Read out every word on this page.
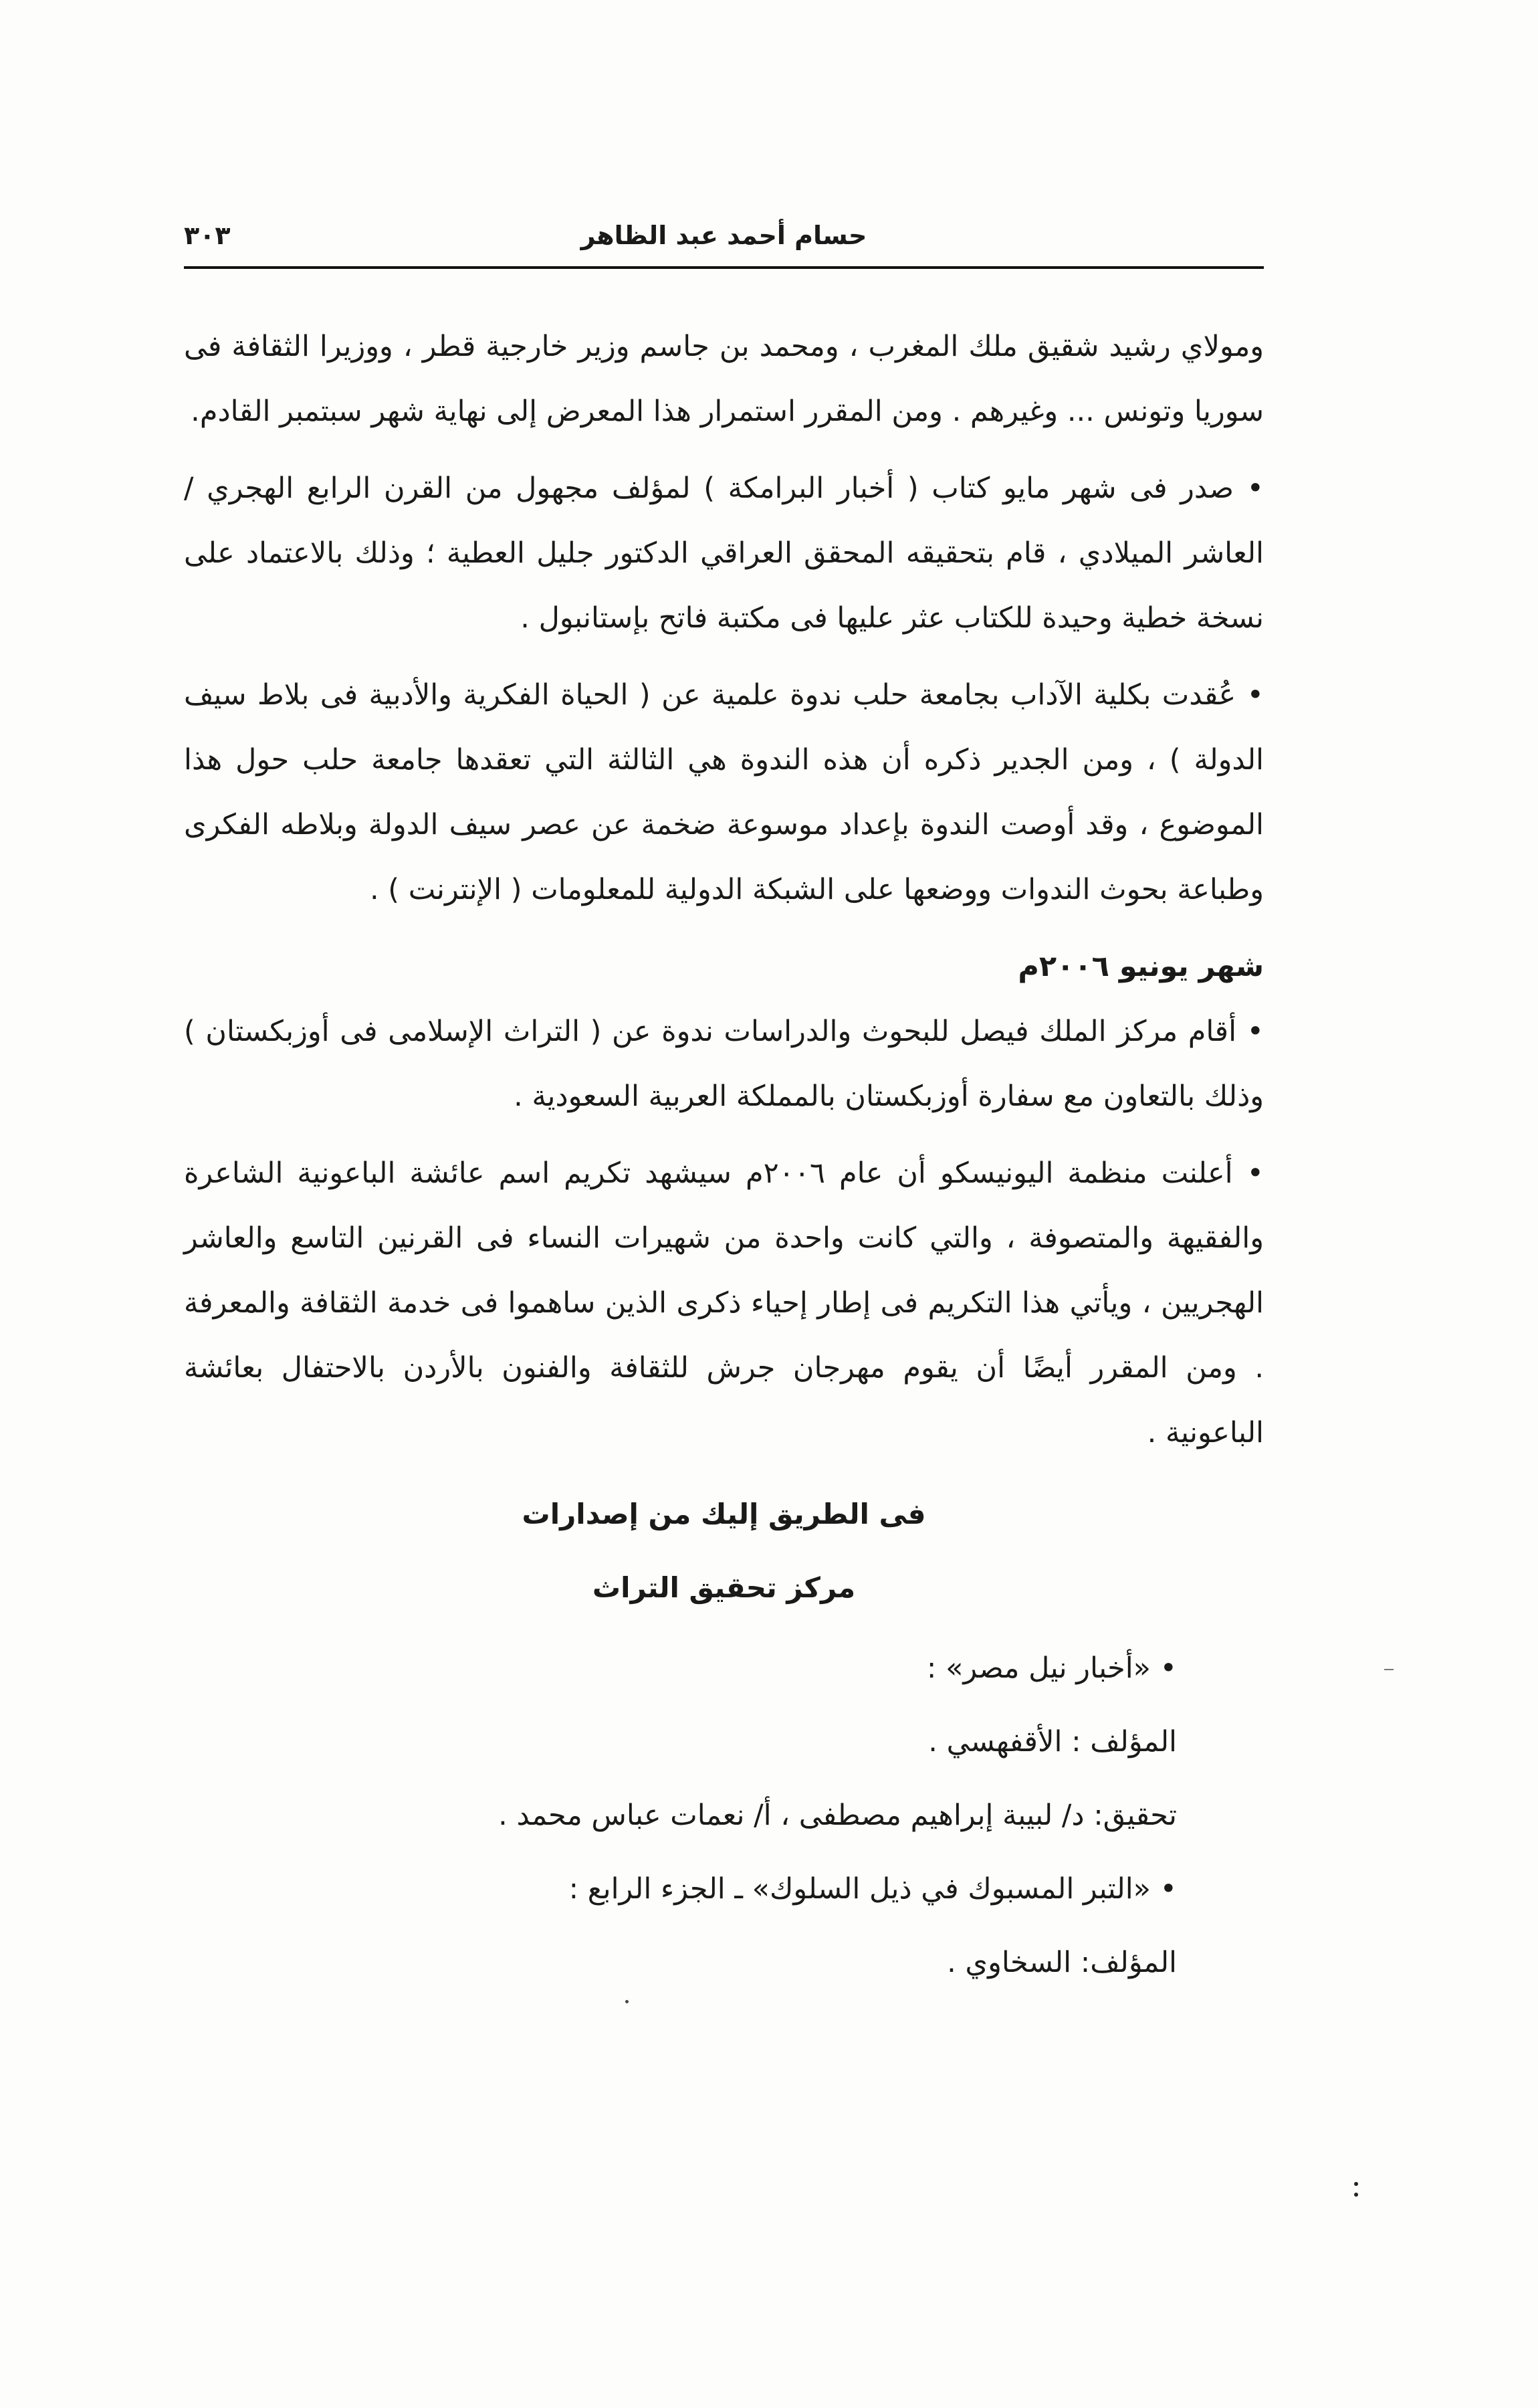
حسام أحمد عبد الظاهر
٣٠٣

ومولاي رشيد شقيق ملك المغرب ، ومحمد بن جاسم وزير خارجية قطر ، ووزيرا الثقافة فى سوريا وتونس ... وغيرهم . ومن المقرر استمرار هذا المعرض إلى نهاية شهر سبتمبر القادم.

• صدر فى شهر مايو كتاب ( أخبار البرامكة ) لمؤلف مجهول من القرن الرابع الهجري / العاشر الميلادي ، قام بتحقيقه المحقق العراقي الدكتور جليل العطية ؛ وذلك بالاعتماد على نسخة خطية وحيدة للكتاب عثر عليها فى مكتبة فاتح بإستانبول .

• عُقدت بكلية الآداب بجامعة حلب ندوة علمية عن ( الحياة الفكرية والأدبية فى بلاط سيف الدولة ) ، ومن الجدير ذكره أن هذه الندوة هي الثالثة التي تعقدها جامعة حلب حول هذا الموضوع ، وقد أوصت الندوة بإعداد موسوعة ضخمة عن عصر سيف الدولة وبلاطه الفكرى وطباعة بحوث الندوات ووضعها على الشبكة الدولية للمعلومات ( الإنترنت ) .

شهر يونيو ٢٠٠٦م

• أقام مركز الملك فيصل للبحوث والدراسات ندوة عن ( التراث الإسلامى فى أوزبكستان ) وذلك بالتعاون مع سفارة أوزبكستان بالمملكة العربية السعودية .

• أعلنت منظمة اليونيسكو أن عام ٢٠٠٦م سيشهد تكريم اسم عائشة الباعونية الشاعرة والفقيهة والمتصوفة ، والتي كانت واحدة من شهيرات النساء فى القرنين التاسع والعاشر الهجريين ، ويأتي هذا التكريم فى إطار إحياء ذكرى الذين ساهموا فى خدمة الثقافة والمعرفة . ومن المقرر أيضًا أن يقوم مهرجان جرش للثقافة والفنون بالأردن بالاحتفال بعائشة الباعونية .

فى الطريق إليك من إصدارات

مركز تحقيق التراث

• «أخبار نيل مصر» :

المؤلف : الأقفهسي .

تحقيق: د/ لبيبة إبراهيم مصطفى ، أ/ نعمات عباس محمد .

• «التبر المسبوك في ذيل السلوك» ـ الجزء الرابع :

المؤلف: السخاوي .
